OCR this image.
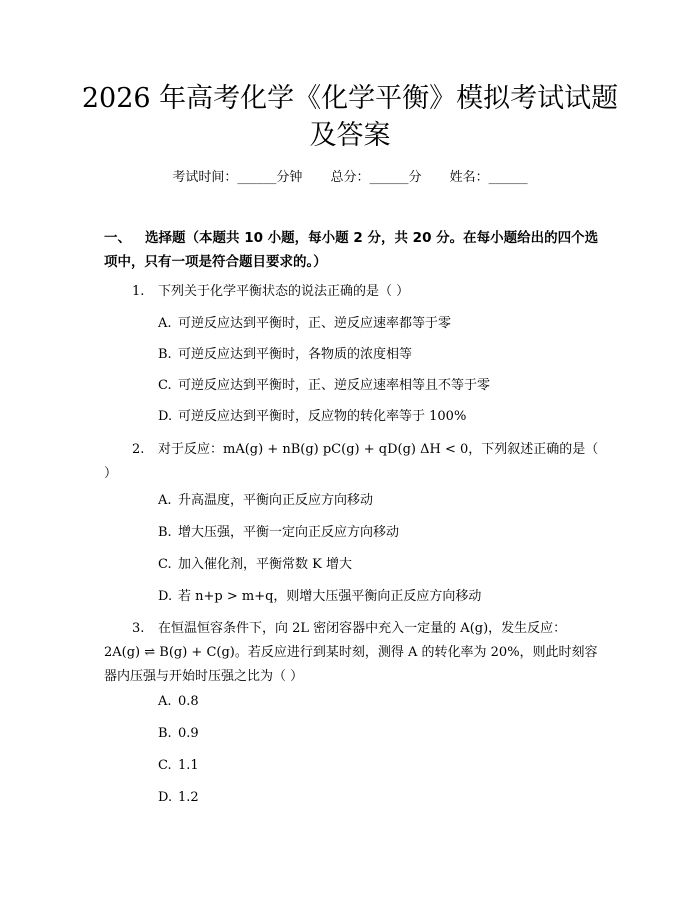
2026 年高考化学《化学平衡》模拟考试试题
及答案
考试时间：______分钟 总分：______分 姓名：______
一、 选择题（本题共 10 小题，每小题 2 分，共 20 分。在每小题给出的四个选项中，只有一项是符合题目要求的。）
1. 下列关于化学平衡状态的说法正确的是（ ）
A. 可逆反应达到平衡时，正、逆反应速率都等于零
B. 可逆反应达到平衡时，各物质的浓度相等
C. 可逆反应达到平衡时，正、逆反应速率相等且不等于零
D. 可逆反应达到平衡时，反应物的转化率等于 100%
2. 对于反应：mA(g) + nB(g) pC(g) + qD(g) ΔH < 0，下列叙述正确的是（ ）
A. 升高温度，平衡向正反应方向移动
B. 增大压强，平衡一定向正反应方向移动
C. 加入催化剂，平衡常数 K 增大
D. 若 n+p > m+q，则增大压强平衡向正反应方向移动
3. 在恒温恒容条件下，向 2L 密闭容器中充入一定量的 A(g)，发生反应：2A(g) ⇌ B(g) + C(g)。若反应进行到某时刻，测得 A 的转化率为 20%，则此时刻容器内压强与开始时压强之比为（ ）
A. 0.8
B. 0.9
C. 1.1
D. 1.2
